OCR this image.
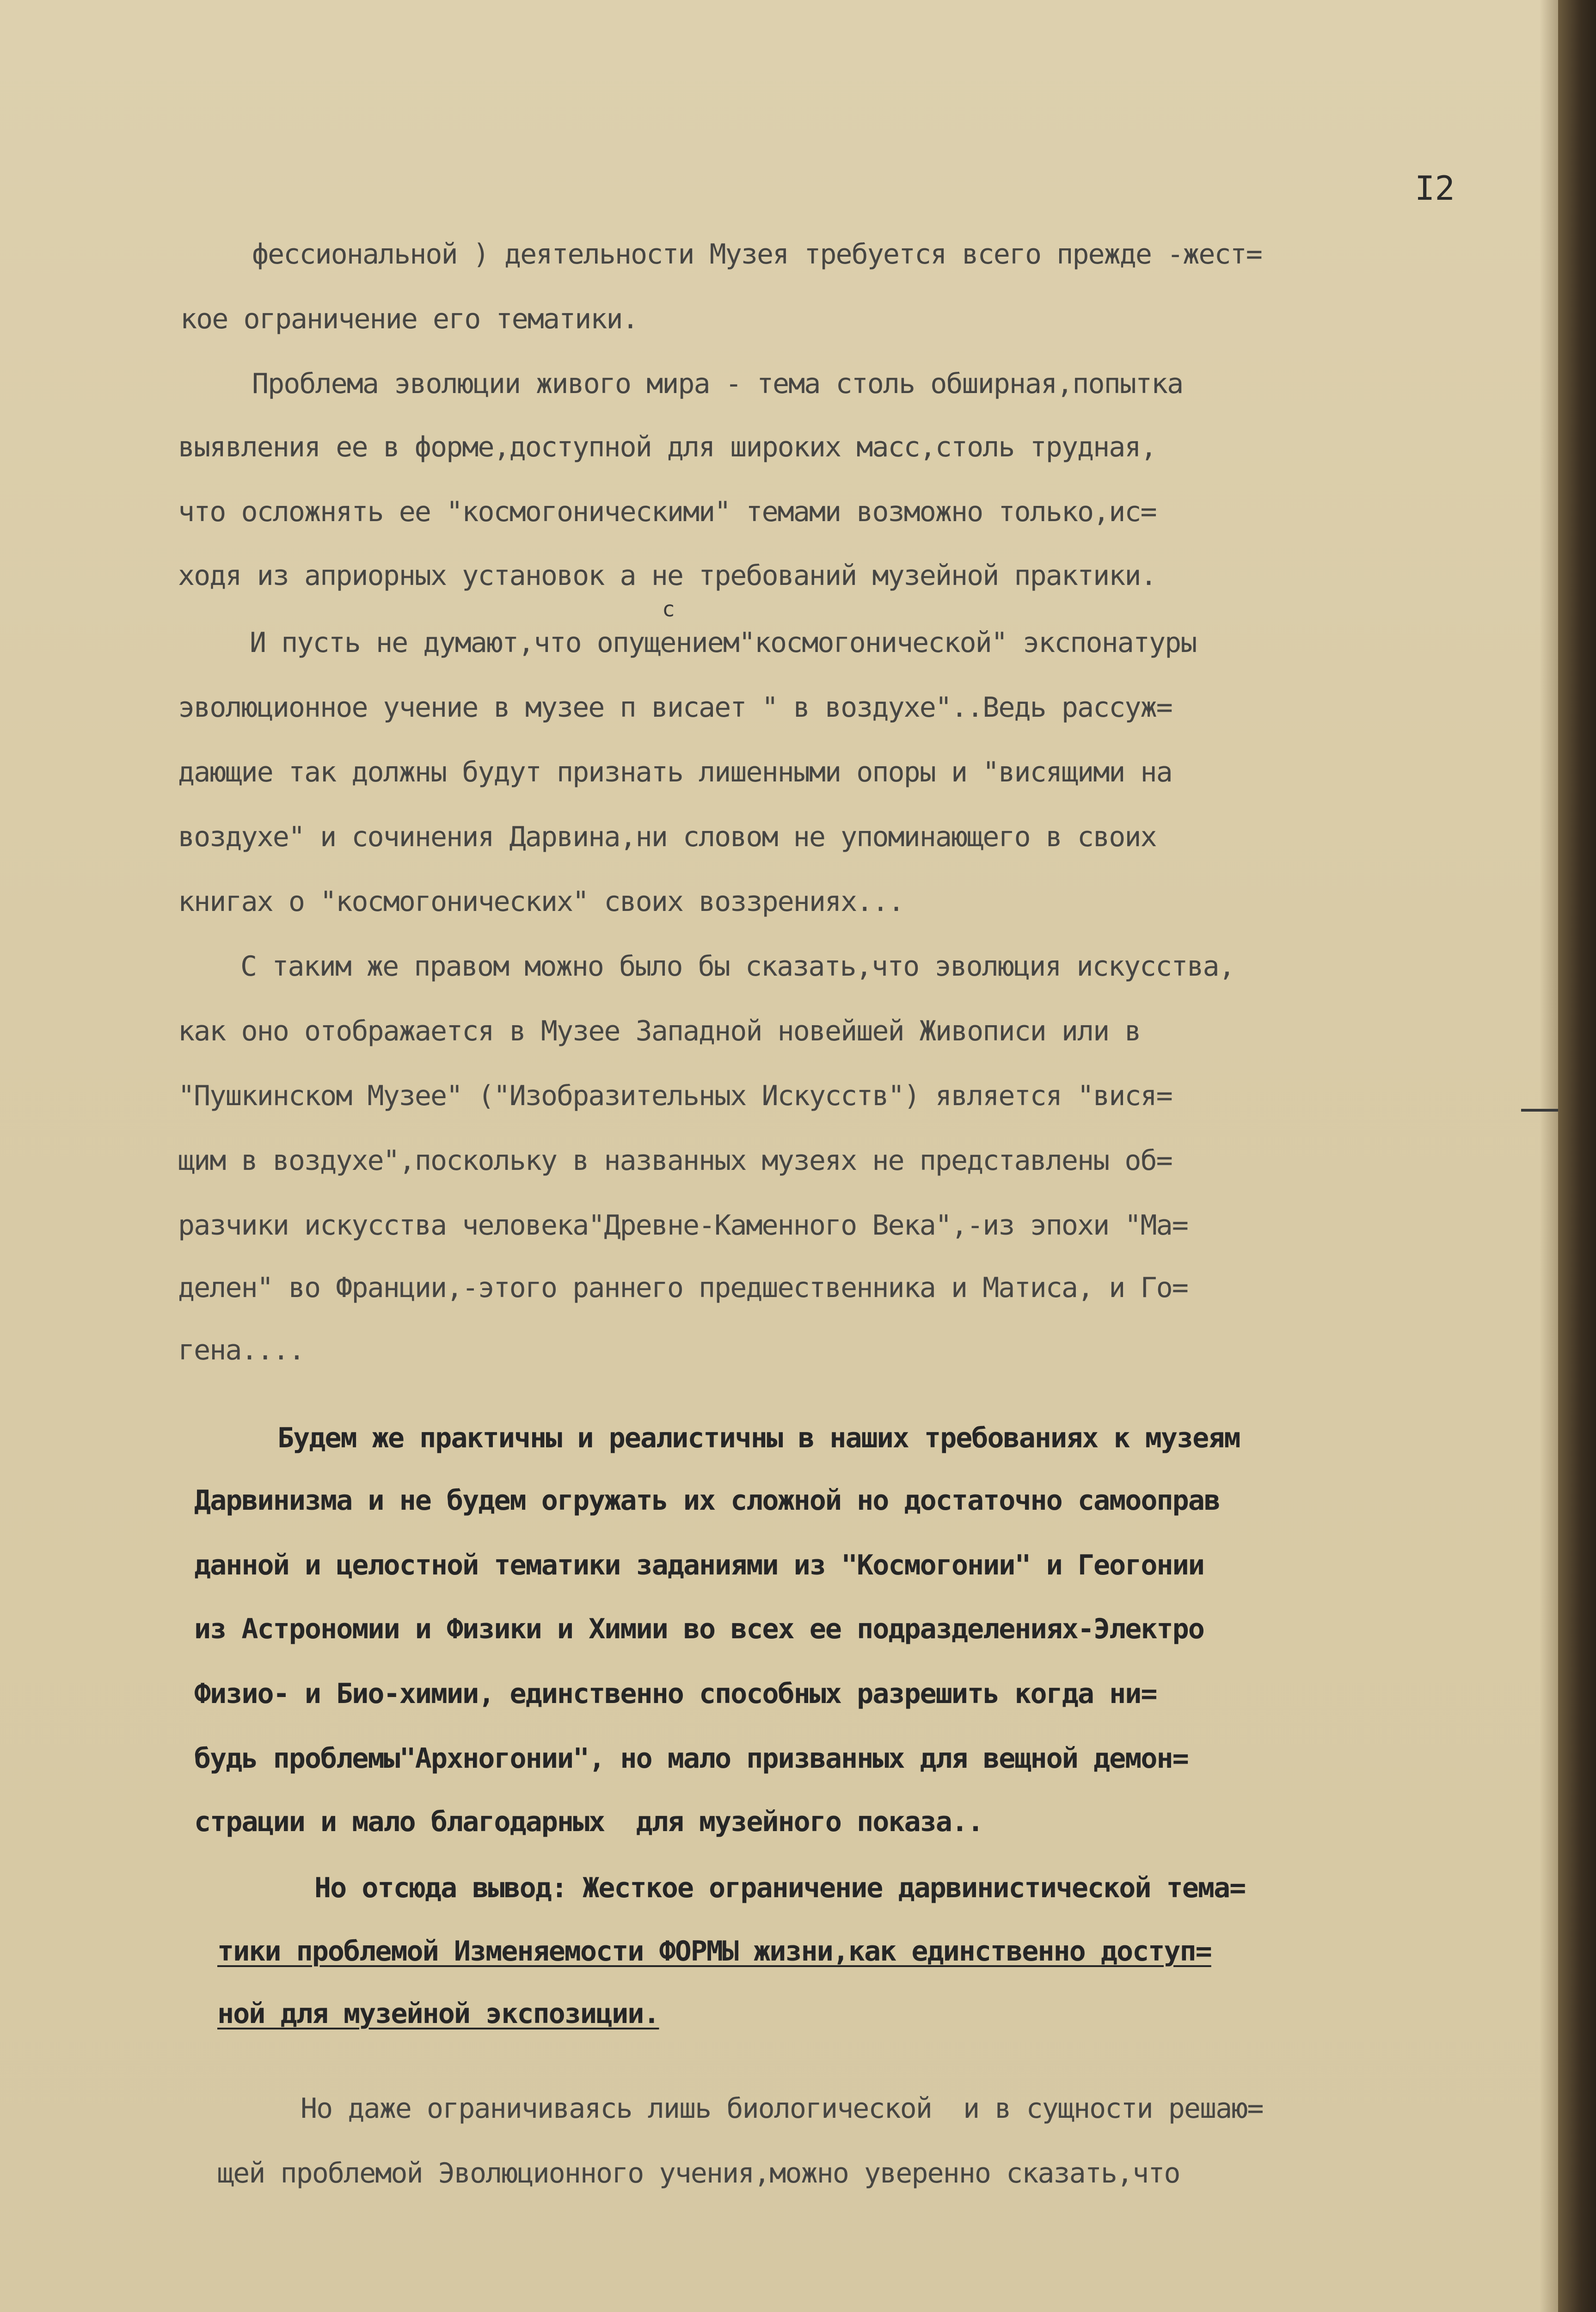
I2
с
фессиональной ) деятельности Музея требуется всего прежде -жест=
кое ограничение его тематики.
Проблема эволюции живого мира - тема столь обширная,попытка
выявления ее в форме,доступной для широких масс,столь трудная,
что осложнять ее "космогоническими" темами возможно только,ис=
ходя из априорных установок а не требований музейной практики.
И пусть не думают,что опущением"космогонической" экспонатуры
эволюционное учение в музее п висает " в воздухе"..Ведь рассуж=
дающие так должны будут признать лишенными опоры и "висящими на
воздухе" и сочинения Дарвина,ни словом не упоминающего в своих
книгах о "космогонических" своих воззрениях...
С таким же правом можно было бы сказать,что эволюция искусства,
как оно отображается в Музее Западной новейшей Живописи или в
"Пушкинском Музее" ("Изобразительных Искусств") является "вися=
щим в воздухе",поскольку в названных музеях не представлены об=
разчики искусства человека"Древне-Каменного Века",-из эпохи "Ма=
делен" во Франции,-этого раннего предшественника и Матиса, и Го=
гена....
Будем же практичны и реалистичны в наших требованиях к музеям
Дарвинизма и не будем огружать их сложной но достаточно самооправ
данной и целостной тематики заданиями из "Космогонии" и Геогонии
из Астрономии и Физики и Химии во всех ее подразделениях-Электро
Физио- и Био-химии, единственно способных разрешить когда ни=
будь проблемы"Архногонии", но мало призванных для вещной демон=
страции и мало благодарных  для музейного показа..
Но отсюда вывод: Жесткое ограничение дарвинистической тема=
тики проблемой Изменяемости ФОРМЫ жизни,как единственно доступ=
ной для музейной экспозиции.
Но даже ограничиваясь лишь биологической  и в сущности решаю=
щей проблемой Эволюционного учения,можно уверенно сказать,что
